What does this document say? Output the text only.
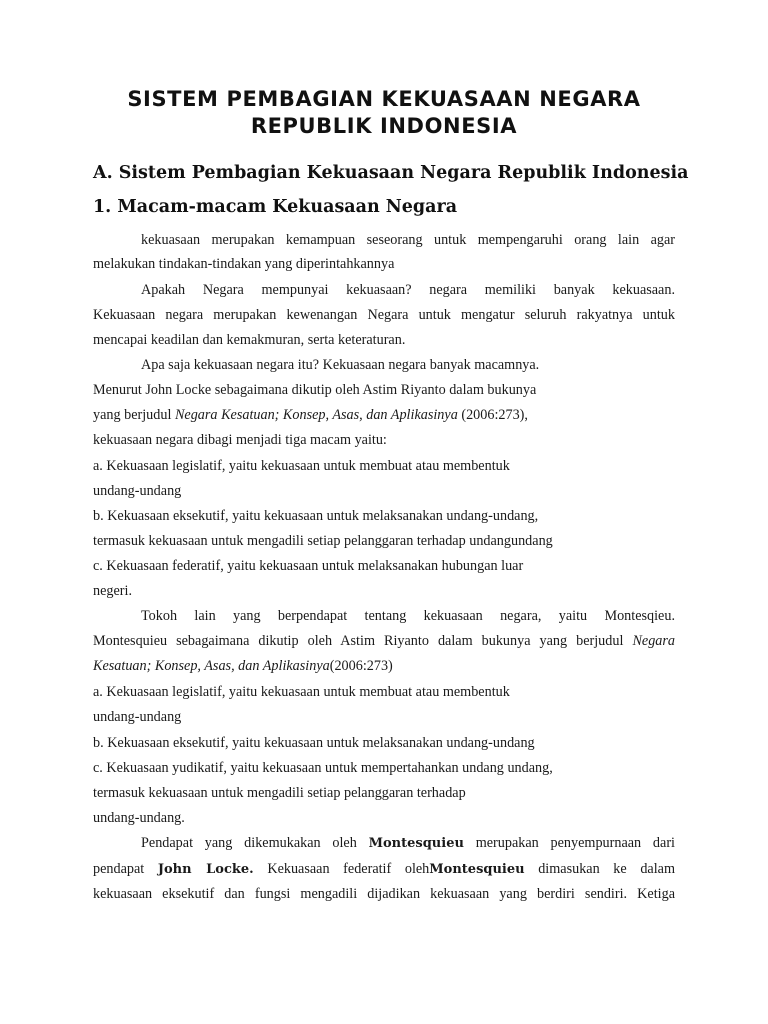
SISTEM PEMBAGIAN KEKUASAAN NEGARA
REPUBLIK INDONESIA
A. Sistem Pembagian Kekuasaan Negara Republik Indonesia
1. Macam-macam Kekuasaan Negara
kekuasaan merupakan kemampuan seseorang untuk mempengaruhi orang lain agar
melakukan tindakan-tindakan yang diperintahkannya
Apakah Negara mempunyai kekuasaan? negara memiliki banyak kekuasaan.
Kekuasaan negara merupakan kewenangan Negara untuk mengatur seluruh rakyatnya untuk
mencapai keadilan dan kemakmuran, serta keteraturan.
Apa saja kekuasaan negara itu? Kekuasaan negara banyak macamnya.
Menurut John Locke sebagaimana dikutip oleh Astim Riyanto dalam bukunya
yang berjudul Negara Kesatuan; Konsep, Asas, dan Aplikasinya (2006:273),
kekuasaan negara dibagi menjadi tiga macam yaitu:
a. Kekuasaan legislatif, yaitu kekuasaan untuk membuat atau membentuk
undang-undang
b. Kekuasaan eksekutif, yaitu kekuasaan untuk melaksanakan undang-undang,
termasuk kekuasaan untuk mengadili setiap pelanggaran terhadap undangundang
c. Kekuasaan federatif, yaitu kekuasaan untuk melaksanakan hubungan luar
negeri.
Tokoh lain yang berpendapat tentang kekuasaan negara, yaitu Montesqieu.
Montesquieu sebagaimana dikutip oleh Astim Riyanto dalam bukunya yang berjudul Negara
Kesatuan; Konsep, Asas, dan Aplikasinya(2006:273)
a. Kekuasaan legislatif, yaitu kekuasaan untuk membuat atau membentuk
undang-undang
b. Kekuasaan eksekutif, yaitu kekuasaan untuk melaksanakan undang-undang
c. Kekuasaan yudikatif, yaitu kekuasaan untuk mempertahankan undang undang,
termasuk kekuasaan untuk mengadili setiap pelanggaran terhadap
undang-undang.
Pendapat yang dikemukakan oleh Montesquieu merupakan penyempurnaan dari
pendapat John Locke. Kekuasaan federatif olehMontesquieu dimasukan ke dalam
kekuasaan eksekutif dan fungsi mengadili dijadikan kekuasaan yang berdiri sendiri. Ketiga
